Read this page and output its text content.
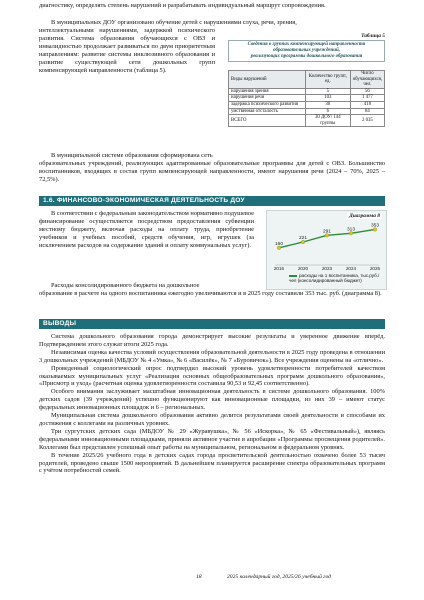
диагностику, определять степень нарушений и разрабатывать индивидуальный маршрут сопровождения.

В муниципальных ДОУ организовано обучение детей с нарушениями слуха, речи, зрения,

интеллектуальными нарушениями, задержкой психического развития. Система образования обучающихся с ОВЗ и инвалидностью продолжает развиваться по двум приоритетным направлениям: развитие системы инклюзивного образования и развитие существующей сети дошкольных групп компенсирующей направленности (таблица 5).

В муниципальной системе образования сформирована сеть

образовательных учреждений, реализующих адаптированные образовательные программы для детей с ОВЗ. Большинство воспитанников, входящих в состав групп компенсирующей направленности, имеют нарушения речи (2024 – 70%, 2025 – 72,5%).

Таблица 5
Сведения о группах компенсирующей направленности
образовательных учреждений,
реализующих программы дошкольного образования
Виды нарушений	Количество групп, ед.	Число обучающихся, чел.
нарушения зрения	5	56
нарушения речи	103	1 477
задержка психического развития	30	418
умственная отсталость	6	84
ВСЕГО	30 ДОУ/ 144 группы	2 035
1.6. ФИНАНСОВО-ЭКОНОМИЧЕСКАЯ ДЕЯТЕЛЬНОСТЬ ДОУ

В соответствии с федеральным законодательством нормативно подушевое финансирование осуществляется посредством предоставления субвенции местному бюджету, включая расходы на оплату труда, приобретение учебников и учебных пособий, средств обучения, игр, игрушек (за исключением расходов на содержание зданий и оплату коммунальных услуг).

Расходы консолидированного бюджета на дошкольное

образование в расчете на одного воспитанника ежегодно увеличиваются и в 2025 году составили 353 тыс. руб. (диаграмма 8).

Диаграмма 8
160
2015
221
2020
291
2023
313
2024
353
2025
расходы на 1 воспитанника, тыс.руб./ чел (консолидированный бюджет)
ВЫВОДЫ

Система дошкольного образования города демонстрирует высокие результаты и уверенное движение вперёд. Подтверждением этого служат итоги 2025 года.

Независимая оценка качества условий осуществления образовательной деятельности в 2025 году проведена в отношении 3 дошкольных учреждений (МБДОУ № 4 «Умка», № 6 «Василёк», № 7 «Буровичок»). Все учреждения оценены на «отлично».

Проведенный социологический опрос подтвердил высокий уровень удовлетворенности потребителей качеством оказываемых муниципальных услуг «Реализация основных общеобразовательных программ дошкольного образования», «Присмотр и уход» (расчетная оценка удовлетворенности составила 90,53 и 92,45 соответственно).

Особого внимания заслуживает масштабная инновационная деятельность в системе дошкольного образования. 100% детских садов (39 учреждений) успешно функционируют как инновационные площадки, из них 39 – имеют статус федеральных инновационных площадок и 6 – региональных.

Муниципальная система дошкольного образования активно делится результатами своей деятельности и способами их достижения с коллегами на различных уровнях.

Три сургутских детских сада (МБДОУ № 29 «Журавушка», № 56 «Искорка», № 65 «Фестивальный»), являясь федеральными инновационными площадками, приняли активное участие в апробации «Программы просвещения родителей». Коллегами был представлен успешный опыт работы на муниципальном, региональном и федеральном уровнях.

В течение 2025/26 учебного года в детских садах города просветительской деятельностью охвачено более 53 тысяч родителей, проведено свыше 1500 мероприятий. В дальнейшем планируется расширение спектра образовательных программ с учётом потребностей семей.

18	2025 календарный год, 2025/26 учебный год
